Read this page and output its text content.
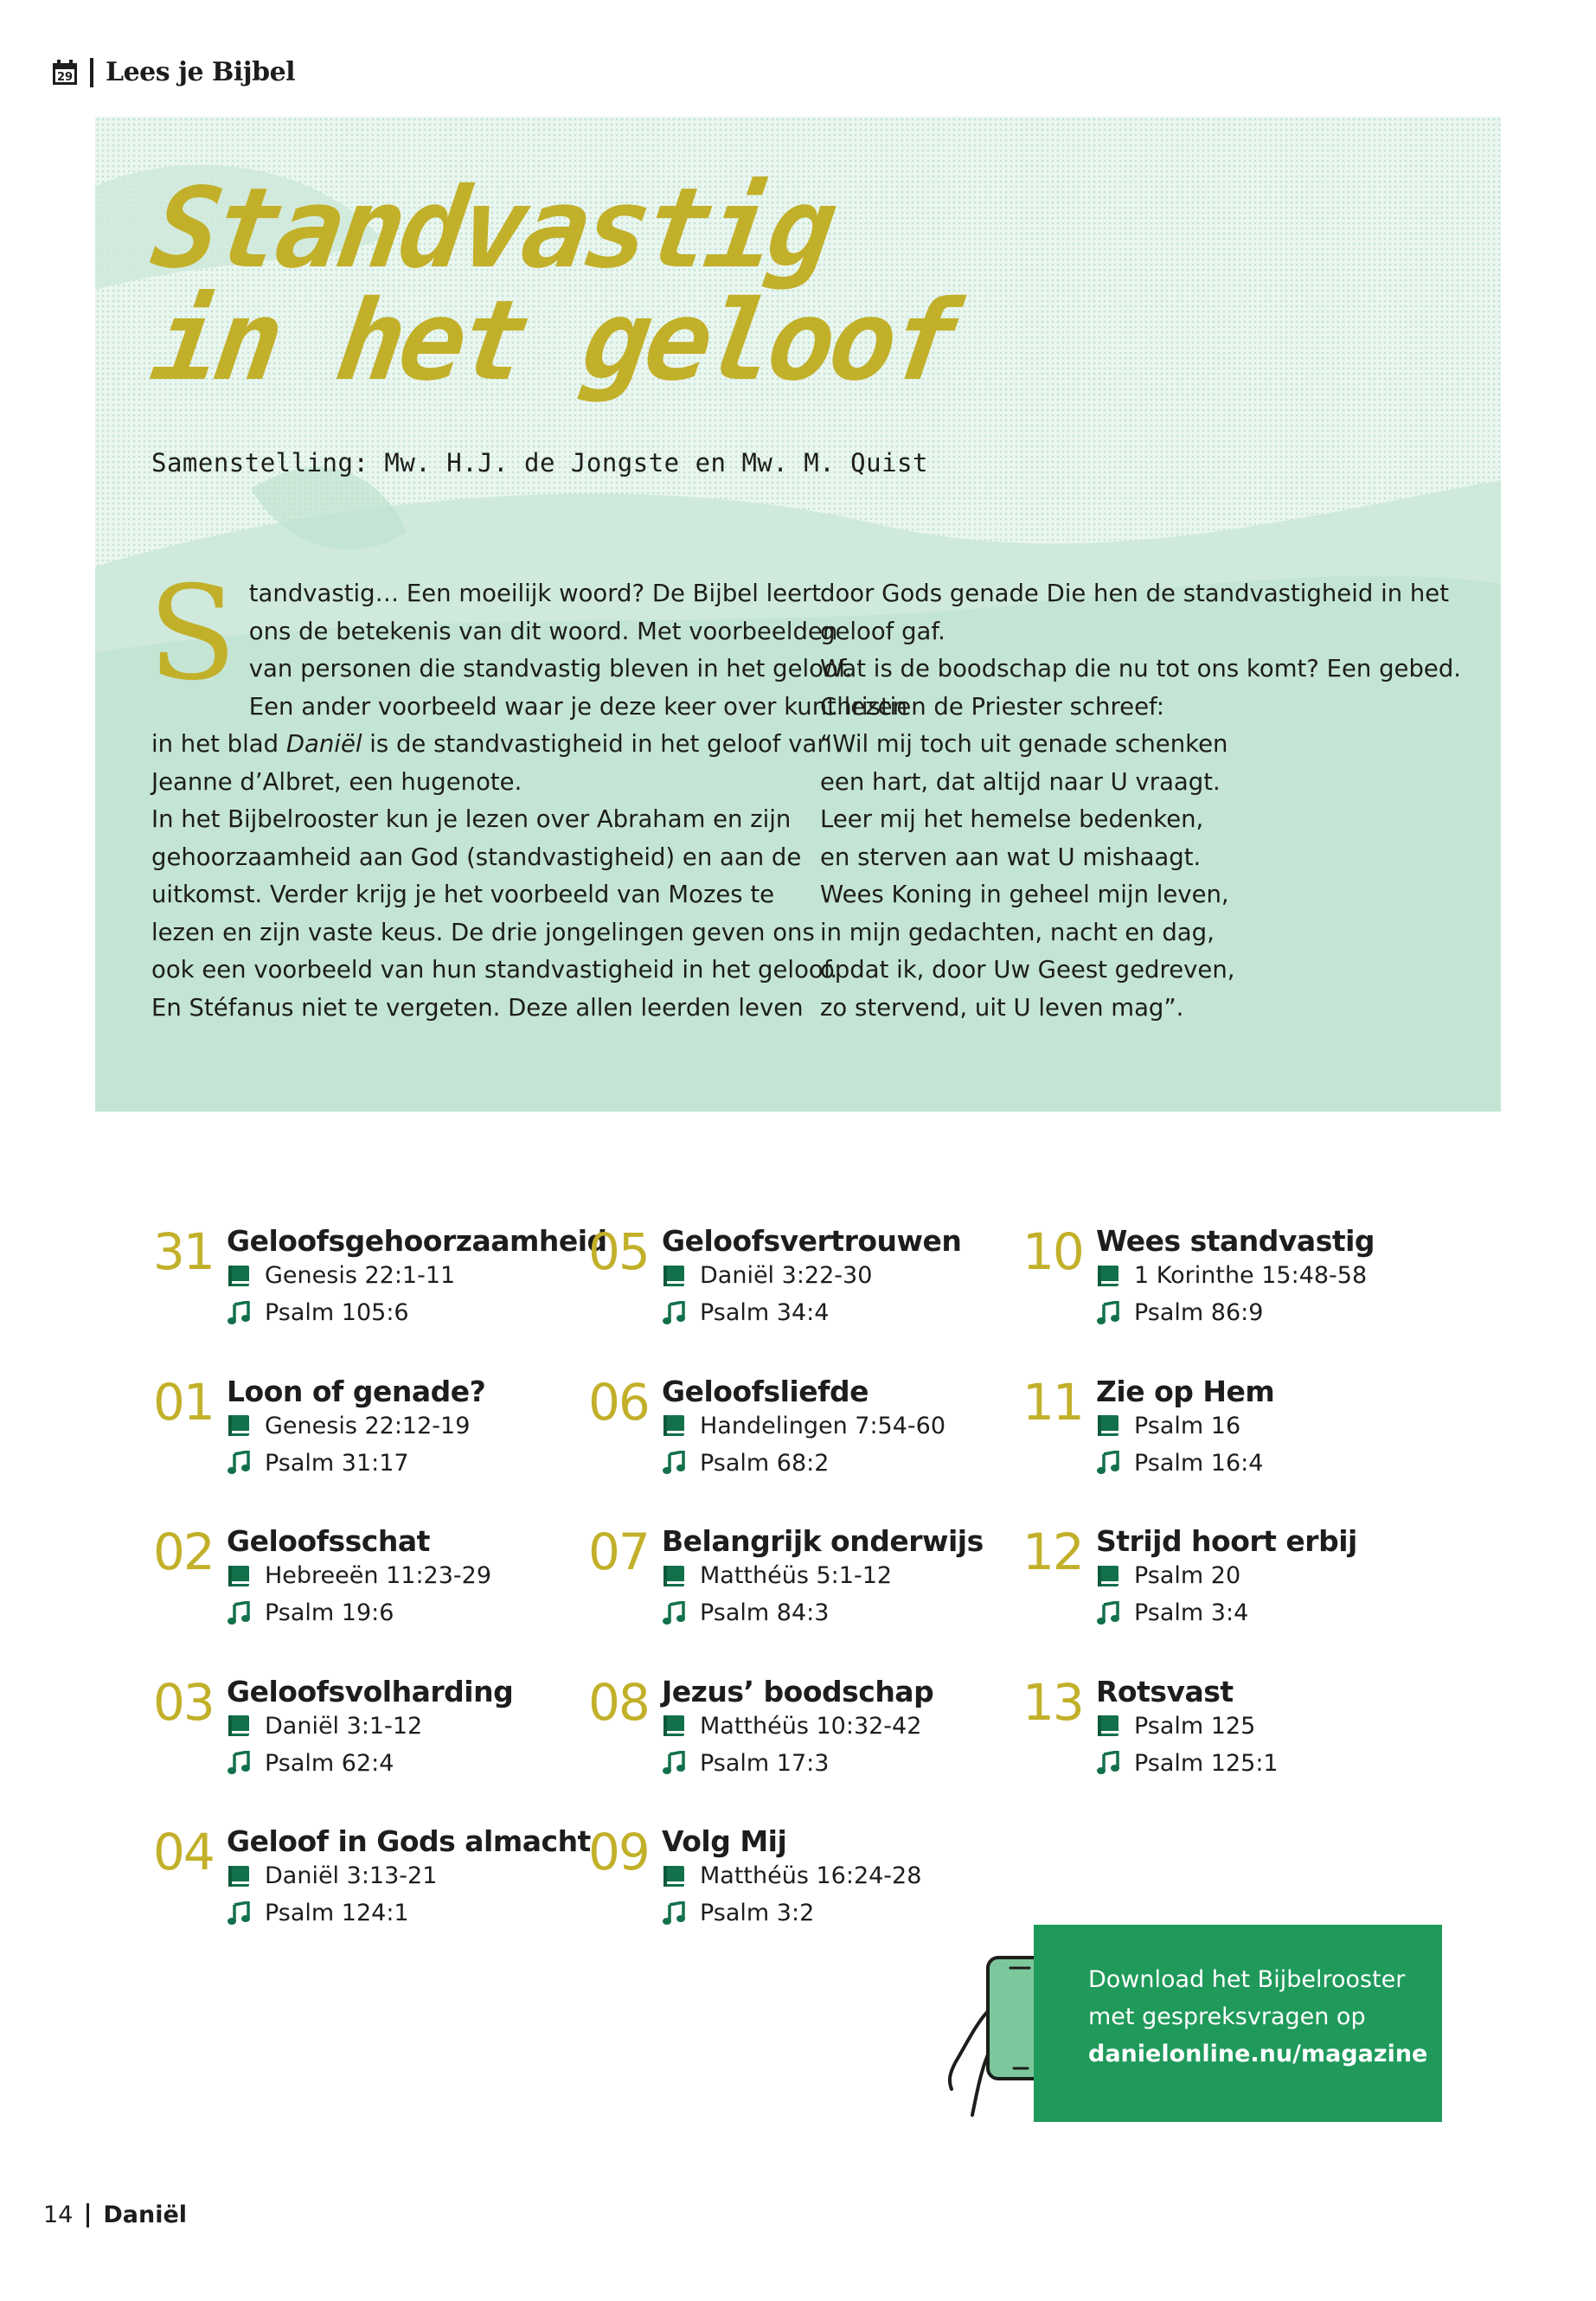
29 Lees je Bijbel
Standvastig
in het geloof
Samenstelling: Mw. H.J. de Jongste en Mw. M. Quist
S tandvastig… Een moeilijk woord? De Bijbel leert
ons de betekenis van dit woord. Met voorbeelden
van personen die standvastig bleven in het geloof.
Een ander voorbeeld waar je deze keer over kunt lezen
in het blad Daniël is de standvastigheid in het geloof van
Jeanne d’Albret, een hugenote.
In het Bijbelrooster kun je lezen over Abraham en zijn
gehoorzaamheid aan God (standvastigheid) en aan de
uitkomst. Verder krijg je het voorbeeld van Mozes te
lezen en zijn vaste keus. De drie jongelingen geven ons
ook een voorbeeld van hun standvastigheid in het geloof.
En Stéfanus niet te vergeten. Deze allen leerden leven
door Gods genade Die hen de standvastigheid in het
geloof gaf.
Wat is de boodschap die nu tot ons komt? Een gebed.
Christien de Priester schreef:
“Wil mij toch uit genade schenken
een hart, dat altijd naar U vraagt.
Leer mij het hemelse bedenken,
en sterven aan wat U mishaagt.
Wees Koning in geheel mijn leven,
in mijn gedachten, nacht en dag,
opdat ik, door Uw Geest gedreven,
zo stervend, uit U leven mag”.
31 Geloofsgehoorzaamheid
Genesis 22:1-11
Psalm 105:6
01 Loon of genade?
Genesis 22:12-19
Psalm 31:17
02 Geloofsschat
Hebreeën 11:23-29
Psalm 19:6
03 Geloofsvolharding
Daniël 3:1-12
Psalm 62:4
04 Geloof in Gods almacht
Daniël 3:13-21
Psalm 124:1
05 Geloofsvertrouwen
Daniël 3:22-30
Psalm 34:4
06 Geloofsliefde
Handelingen 7:54-60
Psalm 68:2
07 Belangrijk onderwijs
Matthéüs 5:1-12
Psalm 84:3
08 Jezus’ boodschap
Matthéüs 10:32-42
Psalm 17:3
09 Volg Mij
Matthéüs 16:24-28
Psalm 3:2
10 Wees standvastig
1 Korinthe 15:48-58
Psalm 86:9
11 Zie op Hem
Psalm 16
Psalm 16:4
12 Strijd hoort erbij
Psalm 20
Psalm 3:4
13 Rotsvast
Psalm 125
Psalm 125:1
Download het Bijbelrooster
met gespreksvragen op
danielonline.nu/magazine
14 Daniël
